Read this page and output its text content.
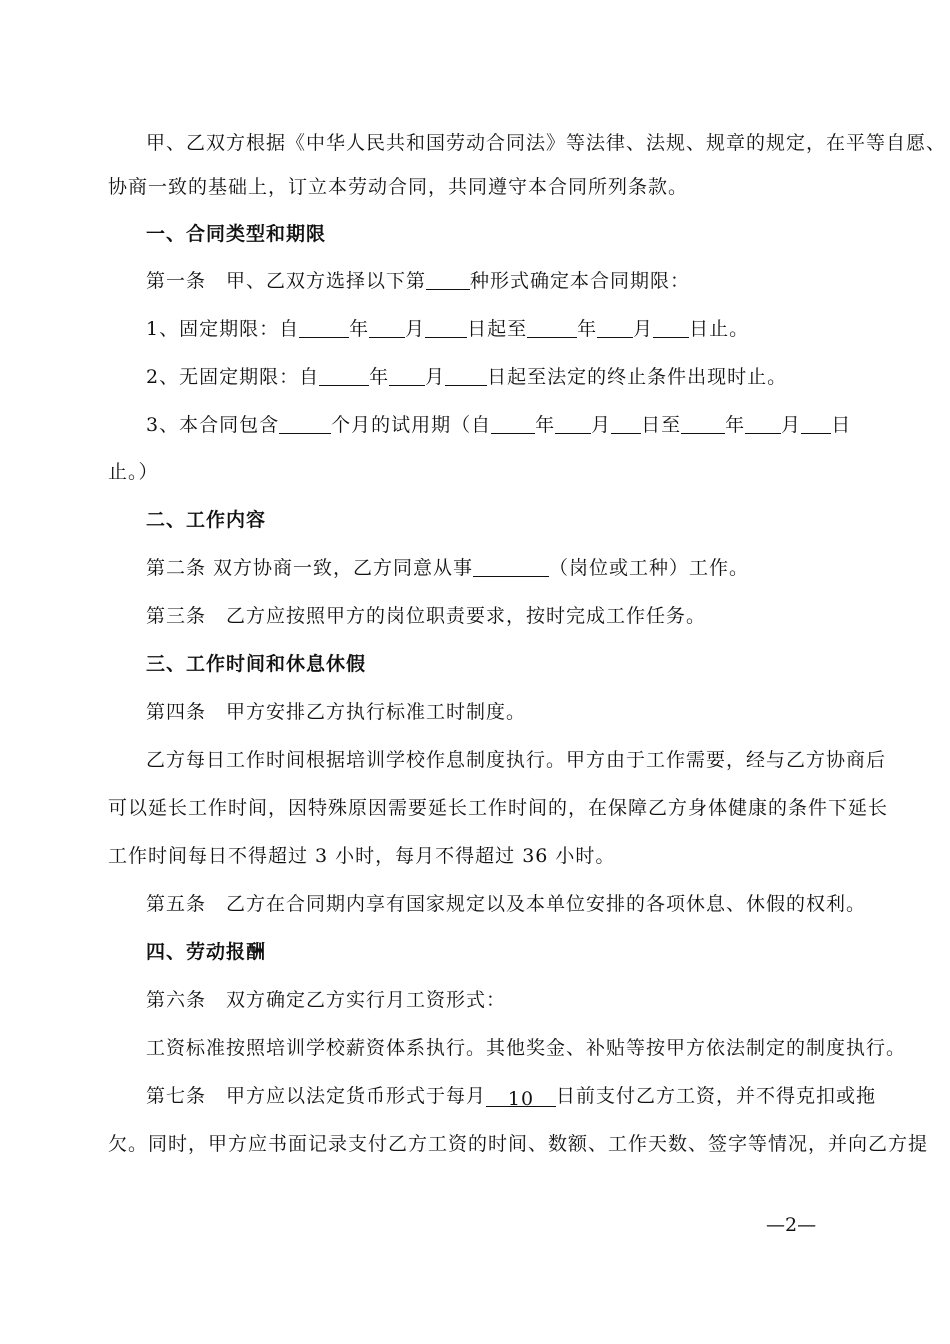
甲、乙双方根据《中华人民共和国劳动合同法》等法律、法规、规章的规定，在平等自愿、
协商一致的基础上，订立本劳动合同，共同遵守本合同所列条款。
一、合同类型和期限
第一条　甲、乙双方选择以下第 种形式确定本合同期限：
1、固定期限：自	年 月 日起至	年 月 日止。
2、无固定期限：自	年 月 日起至法定的终止条件出现时止。
3、本合同包含	个月的试用期（自 年 月 日至 年 月 日
止。）
二、工作内容
第二条 双方协商一致，乙方同意从事	（岗位或工种）工作。
第三条　乙方应按照甲方的岗位职责要求，按时完成工作任务。
三、工作时间和休息休假
第四条　甲方安排乙方执行标准工时制度。
乙方每日工作时间根据培训学校作息制度执行。甲方由于工作需要，经与乙方协商后
可以延长工作时间，因特殊原因需要延长工作时间的，在保障乙方身体健康的条件下延长
工作时间每日不得超过 3 小时，每月不得超过 36 小时。
第五条　乙方在合同期内享有国家规定以及本单位安排的各项休息、休假的权利。
四、劳动报酬
第六条　双方确定乙方实行月工资形式：
工资标准按照培训学校薪资体系执行。其他奖金、补贴等按甲方依法制定的制度执行。
第七条　甲方应以法定货币形式于每月 10 日前支付乙方工资，并不得克扣或拖
欠。同时，甲方应书面记录支付乙方工资的时间、数额、工作天数、签字等情况，并向乙方提
—2—
